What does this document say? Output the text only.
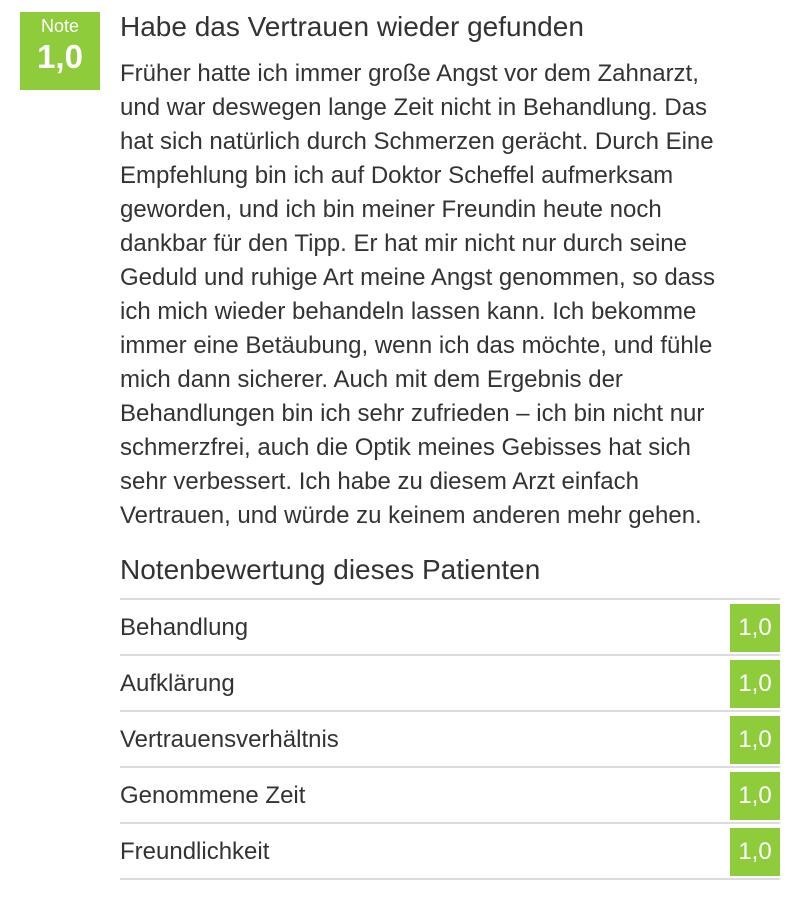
Note
1,0
Habe das Vertrauen wieder gefunden

Früher hatte ich immer große Angst vor dem Zahnarzt,

und war deswegen lange Zeit nicht in Behandlung. Das

hat sich natürlich durch Schmerzen gerächt. Durch Eine

Empfehlung bin ich auf Doktor Scheffel aufmerksam

geworden, und ich bin meiner Freundin heute noch

dankbar für den Tipp. Er hat mir nicht nur durch seine

Geduld und ruhige Art meine Angst genommen, so dass

ich mich wieder behandeln lassen kann. Ich bekomme

immer eine Betäubung, wenn ich das möchte, und fühle

mich dann sicherer. Auch mit dem Ergebnis der

Behandlungen bin ich sehr zufrieden – ich bin nicht nur

schmerzfrei, auch die Optik meines Gebisses hat sich

sehr verbessert. Ich habe zu diesem Arzt einfach

Vertrauen, und würde zu keinem anderen mehr gehen.

Notenbewertung dieses Patienten
Behandlung	1,0
Aufklärung	1,0
Vertrauensverhältnis	1,0
Genommene Zeit	1,0
Freundlichkeit	1,0
